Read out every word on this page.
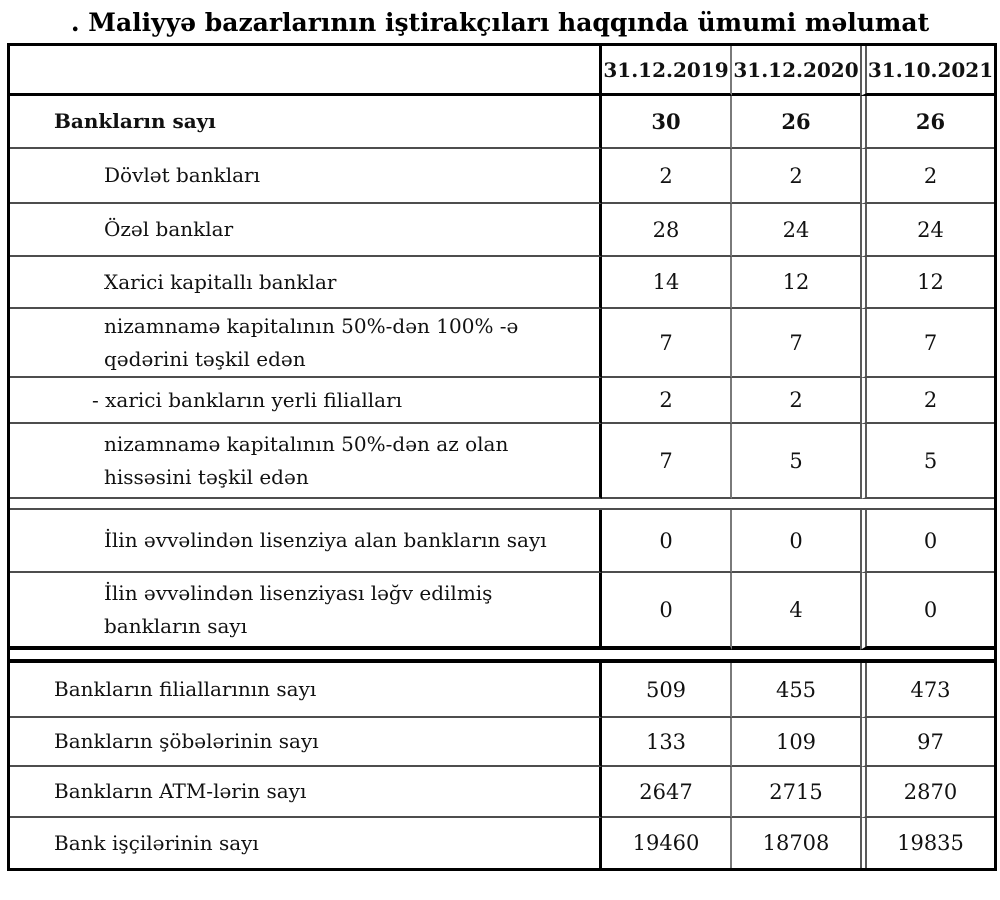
. Maliyyə bazarlarının iştirakçıları haqqında ümumi məlumat
	31.12.2019	31.12.2020	31.10.2021
Bankların sayı	30	26	26
Dövlət bankları	2	2	2
Özəl banklar	28	24	24
Xarici kapitallı banklar	14	12	12
nizamnamə kapitalının 50%-dən 100% -ə qədərini təşkil edən	7	7	7
- xarici bankların yerli filialları	2	2	2
nizamnamə kapitalının 50%-dən az olan hissəsini təşkil edən	7	5	5

İlin əvvəlindən lisenziya alan bankların sayı	0	0	0
İlin əvvəlindən lisenziyası ləğv edilmiş bankların sayı	0	4	0

Bankların filiallarının sayı	509	455	473
Bankların şöbələrinin sayı	133	109	97
Bankların ATM-lərin sayı	2647	2715	2870
Bank işçilərinin sayı	19460	18708	19835
